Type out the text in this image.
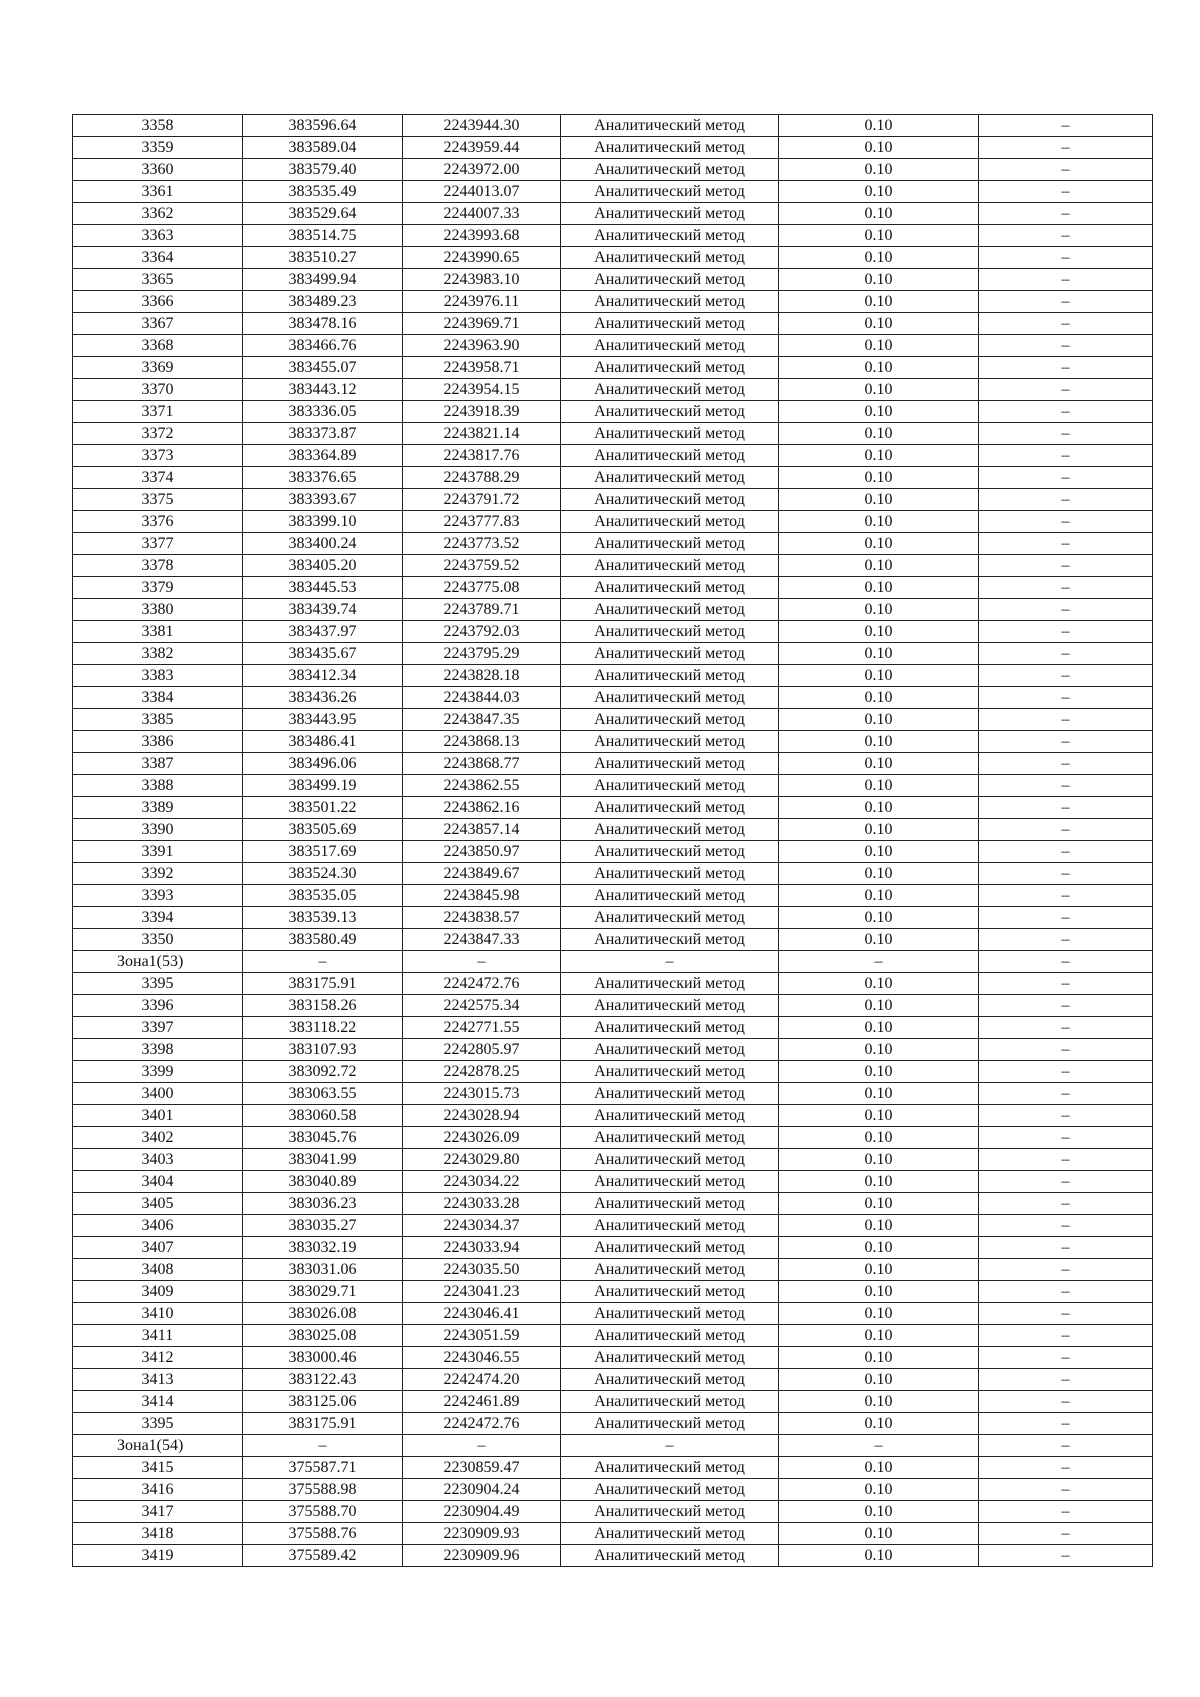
3358	383596.64	2243944.30	Аналитический метод	0.10	–
3359	383589.04	2243959.44	Аналитический метод	0.10	–
3360	383579.40	2243972.00	Аналитический метод	0.10	–
3361	383535.49	2244013.07	Аналитический метод	0.10	–
3362	383529.64	2244007.33	Аналитический метод	0.10	–
3363	383514.75	2243993.68	Аналитический метод	0.10	–
3364	383510.27	2243990.65	Аналитический метод	0.10	–
3365	383499.94	2243983.10	Аналитический метод	0.10	–
3366	383489.23	2243976.11	Аналитический метод	0.10	–
3367	383478.16	2243969.71	Аналитический метод	0.10	–
3368	383466.76	2243963.90	Аналитический метод	0.10	–
3369	383455.07	2243958.71	Аналитический метод	0.10	–
3370	383443.12	2243954.15	Аналитический метод	0.10	–
3371	383336.05	2243918.39	Аналитический метод	0.10	–
3372	383373.87	2243821.14	Аналитический метод	0.10	–
3373	383364.89	2243817.76	Аналитический метод	0.10	–
3374	383376.65	2243788.29	Аналитический метод	0.10	–
3375	383393.67	2243791.72	Аналитический метод	0.10	–
3376	383399.10	2243777.83	Аналитический метод	0.10	–
3377	383400.24	2243773.52	Аналитический метод	0.10	–
3378	383405.20	2243759.52	Аналитический метод	0.10	–
3379	383445.53	2243775.08	Аналитический метод	0.10	–
3380	383439.74	2243789.71	Аналитический метод	0.10	–
3381	383437.97	2243792.03	Аналитический метод	0.10	–
3382	383435.67	2243795.29	Аналитический метод	0.10	–
3383	383412.34	2243828.18	Аналитический метод	0.10	–
3384	383436.26	2243844.03	Аналитический метод	0.10	–
3385	383443.95	2243847.35	Аналитический метод	0.10	–
3386	383486.41	2243868.13	Аналитический метод	0.10	–
3387	383496.06	2243868.77	Аналитический метод	0.10	–
3388	383499.19	2243862.55	Аналитический метод	0.10	–
3389	383501.22	2243862.16	Аналитический метод	0.10	–
3390	383505.69	2243857.14	Аналитический метод	0.10	–
3391	383517.69	2243850.97	Аналитический метод	0.10	–
3392	383524.30	2243849.67	Аналитический метод	0.10	–
3393	383535.05	2243845.98	Аналитический метод	0.10	–
3394	383539.13	2243838.57	Аналитический метод	0.10	–
3350	383580.49	2243847.33	Аналитический метод	0.10	–
Зона1(53)	–	–	–	–	–
3395	383175.91	2242472.76	Аналитический метод	0.10	–
3396	383158.26	2242575.34	Аналитический метод	0.10	–
3397	383118.22	2242771.55	Аналитический метод	0.10	–
3398	383107.93	2242805.97	Аналитический метод	0.10	–
3399	383092.72	2242878.25	Аналитический метод	0.10	–
3400	383063.55	2243015.73	Аналитический метод	0.10	–
3401	383060.58	2243028.94	Аналитический метод	0.10	–
3402	383045.76	2243026.09	Аналитический метод	0.10	–
3403	383041.99	2243029.80	Аналитический метод	0.10	–
3404	383040.89	2243034.22	Аналитический метод	0.10	–
3405	383036.23	2243033.28	Аналитический метод	0.10	–
3406	383035.27	2243034.37	Аналитический метод	0.10	–
3407	383032.19	2243033.94	Аналитический метод	0.10	–
3408	383031.06	2243035.50	Аналитический метод	0.10	–
3409	383029.71	2243041.23	Аналитический метод	0.10	–
3410	383026.08	2243046.41	Аналитический метод	0.10	–
3411	383025.08	2243051.59	Аналитический метод	0.10	–
3412	383000.46	2243046.55	Аналитический метод	0.10	–
3413	383122.43	2242474.20	Аналитический метод	0.10	–
3414	383125.06	2242461.89	Аналитический метод	0.10	–
3395	383175.91	2242472.76	Аналитический метод	0.10	–
Зона1(54)	–	–	–	–	–
3415	375587.71	2230859.47	Аналитический метод	0.10	–
3416	375588.98	2230904.24	Аналитический метод	0.10	–
3417	375588.70	2230904.49	Аналитический метод	0.10	–
3418	375588.76	2230909.93	Аналитический метод	0.10	–
3419	375589.42	2230909.96	Аналитический метод	0.10	–
